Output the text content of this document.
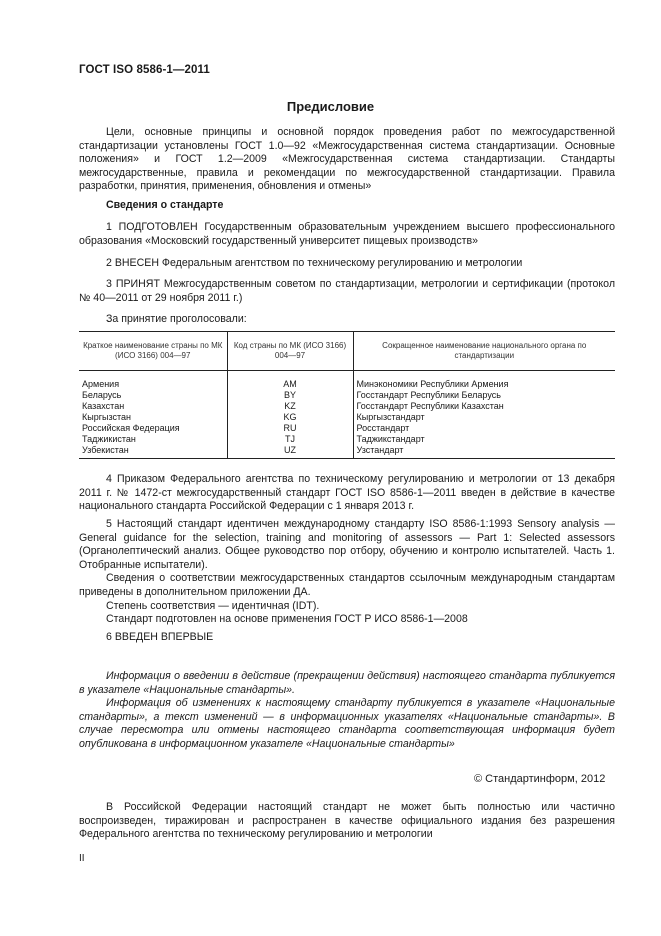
ГОСТ ISO 8586-1—2011
Предисловие

Цели, основные принципы и основной порядок проведения работ по межгосударственной стандартизации установлены ГОСТ 1.0—92 «Межгосударственная система стандартизации. Основные положения» и ГОСТ 1.2—2009 «Межгосударственная система стандартизации. Стандарты межгосударственные, правила и рекомендации по межгосударственной стандартизации. Правила разработки, принятия, применения, обновления и отмены»

Сведения о стандарте

1 ПОДГОТОВЛЕН Государственным образовательным учреждением высшего профессионального образования «Московский государственный университет пищевых производств»

2 ВНЕСЕН Федеральным агентством по техническому регулированию и метрологии

3 ПРИНЯТ Межгосударственным советом по стандартизации, метрологии и сертификации (протокол № 40—2011 от 29 ноября 2011 г.)

За принятие проголосовали:

Краткое наименование страны по МК (ИСО 3166) 004—97	Код страны по МК (ИСО 3166) 004—97	Сокращенное наименование национального органа по стандартизации
Армения	AM	Минэкономики Республики Армения
Беларусь	BY	Госстандарт Республики Беларусь
Казахстан	KZ	Госстандарт Республики Казахстан
Кыргызстан	KG	Кыргызстандарт
Российская Федерация	RU	Росстандарт
Таджикистан	TJ	Таджикстандарт
Узбекистан	UZ	Узстандарт

4 Приказом Федерального агентства по техническому регулированию и метрологии от 13 декабря 2011 г. № 1472-ст межгосударственный стандарт ГОСТ ISO 8586-1—2011 введен в действие в качестве национального стандарта Российской Федерации с 1 января 2013 г.

5 Настоящий стандарт идентичен международному стандарту ISO 8586-1:1993 Sensory analysis — General guidance for the selection, training and monitoring of assessors — Part 1: Selected assessors (Органолептический анализ. Общее руководство пор отбору, обучению и контролю испытателей. Часть 1. Отобранные испытатели).

Сведения о соответствии межгосударственных стандартов ссылочным международным стандартам приведены в дополнительном приложении ДА.

Степень соответствия — идентичная (IDT).

Стандарт подготовлен на основе применения ГОСТ Р ИСО 8586-1—2008

6 ВВЕДЕН ВПЕРВЫЕ

Информация о введении в действие (прекращении действия) настоящего стандарта публикуется в указателе «Национальные стандарты».

Информация об изменениях к настоящему стандарту публикуется в указателе «Национальные стандарты», а текст изменений — в информационных указателях «Национальные стандарты». В случае пересмотра или отмены настоящего стандарта соответствующая информация будет опубликована в информационном указателе «Национальные стандарты»

© Стандартинформ, 2012

В Российской Федерации настоящий стандарт не может быть полностью или частично воспроизведен, тиражирован и распространен в качестве официального издания без разрешения Федерального агентства по техническому регулированию и метрологии

II
